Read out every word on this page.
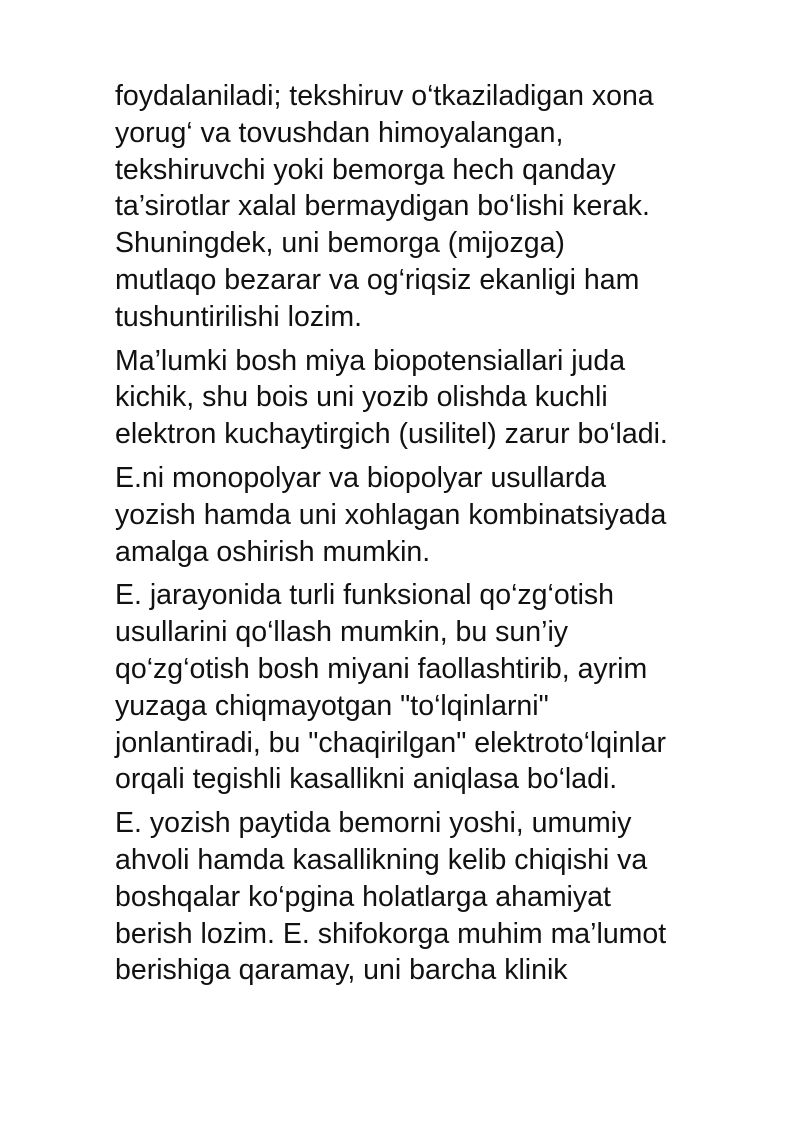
foydalaniladi; tekshiruv o‘tkaziladigan xona
yorug‘ va tovushdan himoyalangan,
tekshiruvchi yoki bemorga hech qanday
ta’sirotlar xalal bermaydigan bo‘lishi kerak.
Shuningdek, uni bemorga (mijozga)
mutlaqo bezarar va og‘riqsiz ekanligi ham
tushuntirilishi lozim.

Ma’lumki bosh miya biopotensiallari juda
kichik, shu bois uni yozib olishda kuchli
elektron kuchaytirgich (usilitel) zarur bo‘ladi.

E.ni monopolyar va biopolyar usullarda
yozish hamda uni xohlagan kombinatsiyada
amalga oshirish mumkin.

E. jarayonida turli funksional qo‘zg‘otish
usullarini qo‘llash mumkin, bu sun’iy
qo‘zg‘otish bosh miyani faollashtirib, ayrim
yuzaga chiqmayotgan "to‘lqinlarni"
jonlantiradi, bu "chaqirilgan" elektroto‘lqinlar
orqali tegishli kasallikni aniqlasa bo‘ladi.

E. yozish paytida bemorni yoshi, umumiy
ahvoli hamda kasallikning kelib chiqishi va
boshqalar ko‘pgina holatlarga ahamiyat
berish lozim. E. shifokorga muhim ma’lumot
berishiga qaramay, uni barcha klinik
